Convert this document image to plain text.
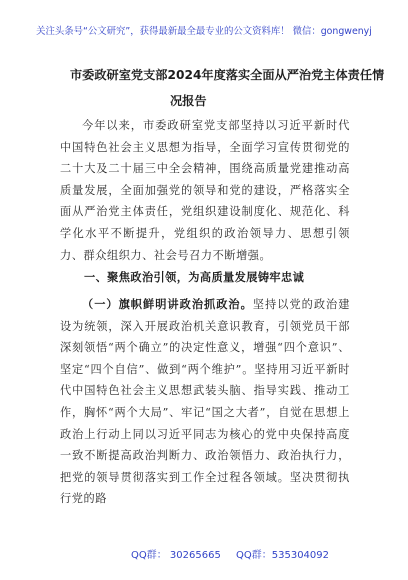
关注头条号“公文研究”，获得最新最全最专业的公文资料库！ 微信：gongwenyj
市委政研室党支部2024年度落实全面从严治党主体责任情
况报告
今年以来，市委政研室党支部坚持以习近平新时代中国特色社会主义思想为指导，全面学习宣传贯彻党的二十大及二十届三中全会精神，围绕高质量党建推动高质量发展，全面加强党的领导和党的建设，严格落实全面从严治党主体责任，党组织建设制度化、规范化、科学化水平不断提升，党组织的政治领导力、思想引领力、群众组织力、社会号召力不断增强。
一、聚焦政治引领，为高质量发展铸牢忠诚
（一）旗帜鲜明讲政治抓政治。坚持以党的政治建设为统领，深入开展政治机关意识教育，引领党员干部深刻领悟“两个确立”的决定性意义，增强“四个意识”、坚定“四个自信”、做到“两个维护”。坚持用习近平新时代中国特色社会主义思想武装头脑、指导实践、推动工作，胸怀“两个大局”、牢记“国之大者”，自觉在思想上政治上行动上同以习近平同志为核心的党中央保持高度一致不断提高政治判断力、政治领悟力、政治执行力，把党的领导贯彻落实到工作全过程各领域。坚决贯彻执行党的路
QQ群： 30265665 QQ群：535304092
